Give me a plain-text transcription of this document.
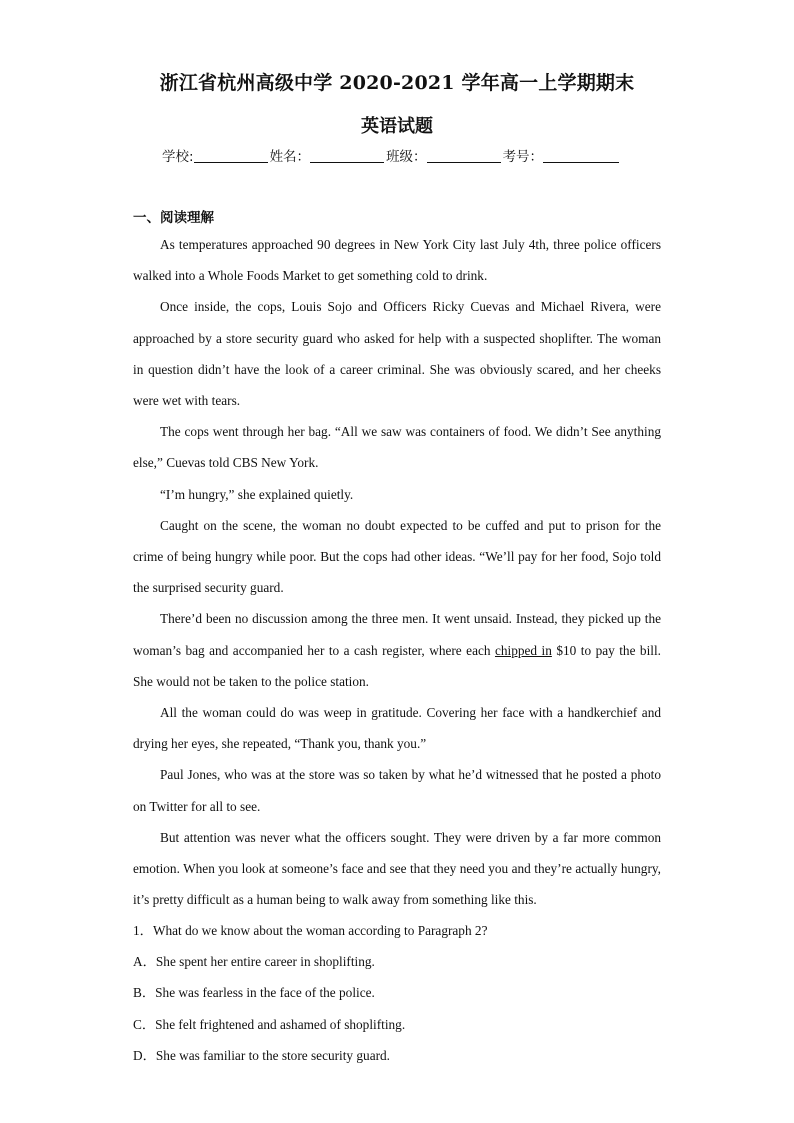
浙江省杭州高级中学 2020-2021 学年高一上学期期末
英语试题
学校:	姓名：	班级：	考号：
一、阅读理解

As temperatures approached 90 degrees in New York City last July 4th, three police officers walked into a Whole Foods Market to get something cold to drink.

Once inside, the cops, Louis Sojo and Officers Ricky Cuevas and Michael Rivera, were approached by a store security guard who asked for help with a suspected shoplifter. The woman in question didn’t have the look of a career criminal. She was obviously scared, and her cheeks were wet with tears.

The cops went through her bag. “All we saw was containers of food. We didn’t See anything else,” Cuevas told CBS New York.

“I’m hungry,” she explained quietly.

Caught on the scene, the woman no doubt expected to be cuffed and put to prison for the crime of being hungry while poor. But the cops had other ideas. “We’ll pay for her food, Sojo told the surprised security guard.

There’d been no discussion among the three men. It went unsaid. Instead, they picked up the woman’s bag and accompanied her to a cash register, where each chipped in $10 to pay the bill. She would not be taken to the police station.

All the woman could do was weep in gratitude. Covering her face with a handkerchief and drying her eyes, she repeated, “Thank you, thank you.”

Paul Jones, who was at the store was so taken by what he’d witnessed that he posted a photo on Twitter for all to see.

But attention was never what the officers sought. They were driven by a far more common emotion. When you look at someone’s face and see that they need you and they’re actually hungry, it’s pretty difficult as a human being to walk away from something like this.

1．What do we know about the woman according to Paragraph 2?
A．She spent her entire career in shoplifting.
B．She was fearless in the face of the police.
C．She felt frightened and ashamed of shoplifting.
D．She was familiar to the store security guard.
